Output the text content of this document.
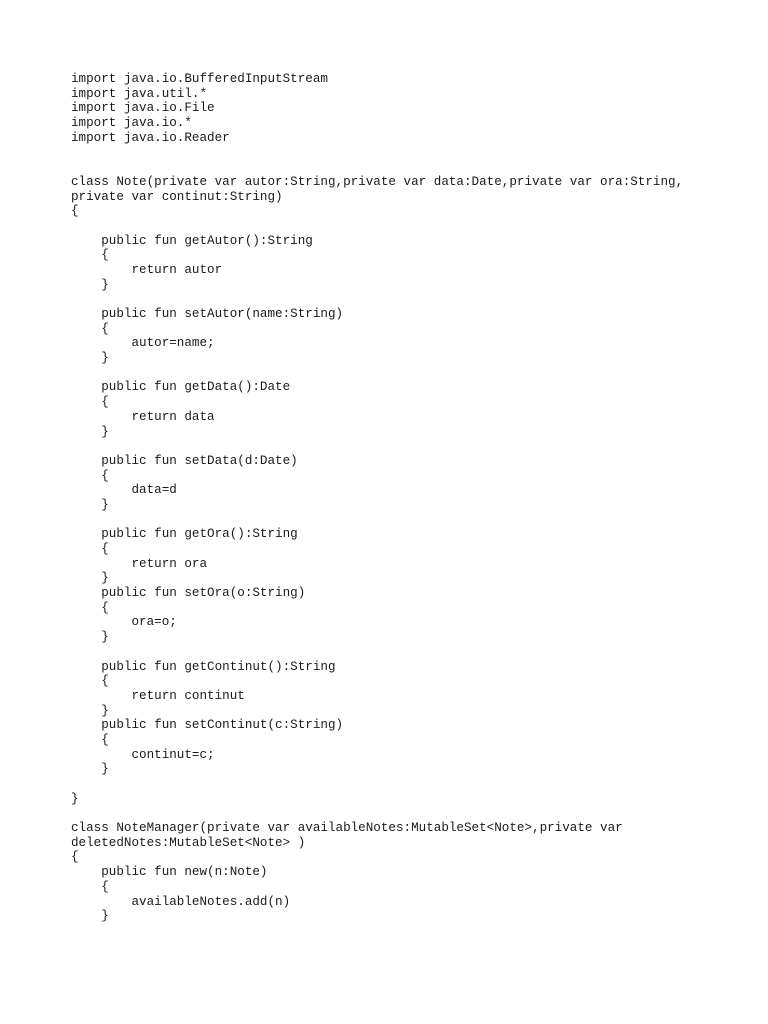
import java.io.BufferedInputStream
import java.util.*
import java.io.File
import java.io.*
import java.io.Reader
class Note(private var autor:String,private var data:Date,private var ora:String,
private var continut:String)
{
public fun getAutor():String
{
return autor
}
public fun setAutor(name:String)
{
autor=name;
}
public fun getData():Date
{
return data
}
public fun setData(d:Date)
{
data=d
}
public fun getOra():String
{
return ora
}
public fun setOra(o:String)
{
ora=o;
}
public fun getContinut():String
{
return continut
}
public fun setContinut(c:String)
{
continut=c;
}
}
class NoteManager(private var availableNotes:MutableSet<Note>,private var
deletedNotes:MutableSet<Note> )
{
public fun new(n:Note)
{
availableNotes.add(n)
}
